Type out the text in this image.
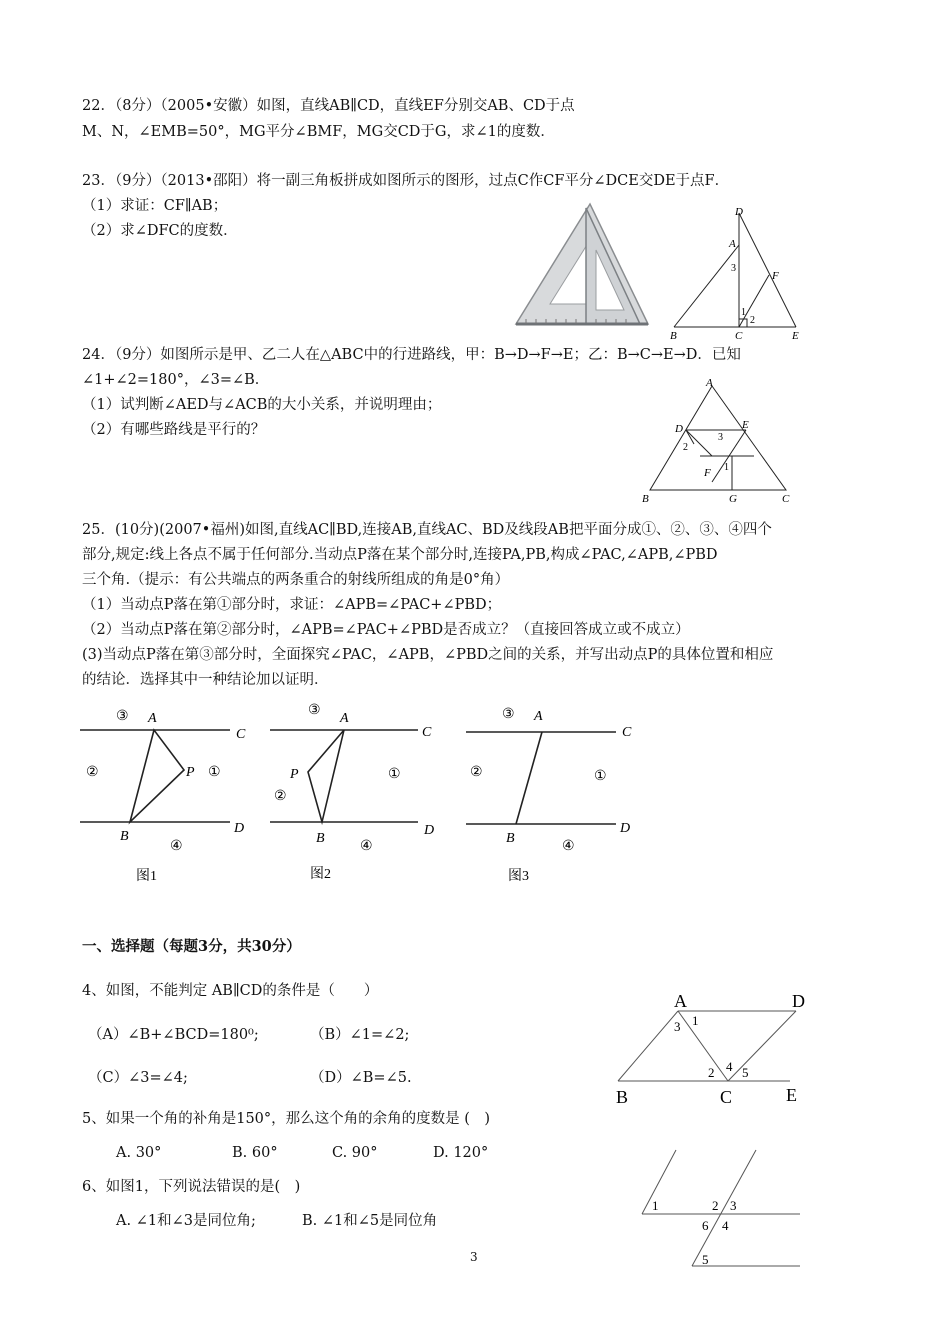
22．（8分）（2005•安徽）如图，直线AB∥CD，直线EF分别交AB、CD于点
M、N，∠EMB=50°，MG平分∠BMF，MG交CD于G，求∠1的度数．
23．（9分）（2013•邵阳）将一副三角板拼成如图所示的图形，过点C作CF平分∠DCE交DE于点F．
（1）求证：CF∥AB；
（2）求∠DFC的度数．
D
A
3
F
1
2
B	C	E
24．（9分）如图所示是甲、乙二人在△ABC中的行进路线，甲：B→D→F→E；乙：B→C→E→D．已知
∠1+∠2=180°，∠3=∠B．
（1）试判断∠AED与∠ACB的大小关系，并说明理由；
（2）有哪些路线是平行的？
A
D	E
3
2
F 1
B	G	C
25．(10分)(2007•福州)如图,直线AC∥BD,连接AB,直线AC、BD及线段AB把平面分成①、②、③、④四个
部分,规定:线上各点不属于任何部分.当动点P落在某个部分时,连接PA,PB,构成∠PAC,∠APB,∠PBD
三个角.（提示：有公共端点的两条重合的射线所组成的角是0°角）
（1）当动点P落在第①部分时，求证：∠APB=∠PAC+∠PBD；
（2）当动点P落在第②部分时，∠APB=∠PAC+∠PBD是否成立？（直接回答成立或不成立）
(3)当动点P落在第③部分时，全面探究∠PAC，∠APB，∠PBD之间的关系，并写出动点P的具体位置和相应
的结论．选择其中一种结论加以证明．
③ A
C
②	P ①
B
D
④
图1
③
A
C
P
②
①
B
D
④
图2
③ A
C
②	①
B
D
④
图3
一、选择题（每题3分，共30分）
4、如图，不能判定 AB∥CD的条件是（　　）
（A）∠B+∠BCD=180⁰;	（B）∠1=∠2;
（C）∠3=∠4;	（D）∠B=∠5.
A	D
3 1
2 4 5
B	C	E
5、如果一个角的补角是150°，那么这个角的余角的度数是 (　)
A. 30°	B. 60°	C. 90°	D. 120°
6、如图1，下列说法错误的是(　)
A. ∠1和∠3是同位角;	B. ∠1和∠5是同位角
1	2 3
6 4
5
3
